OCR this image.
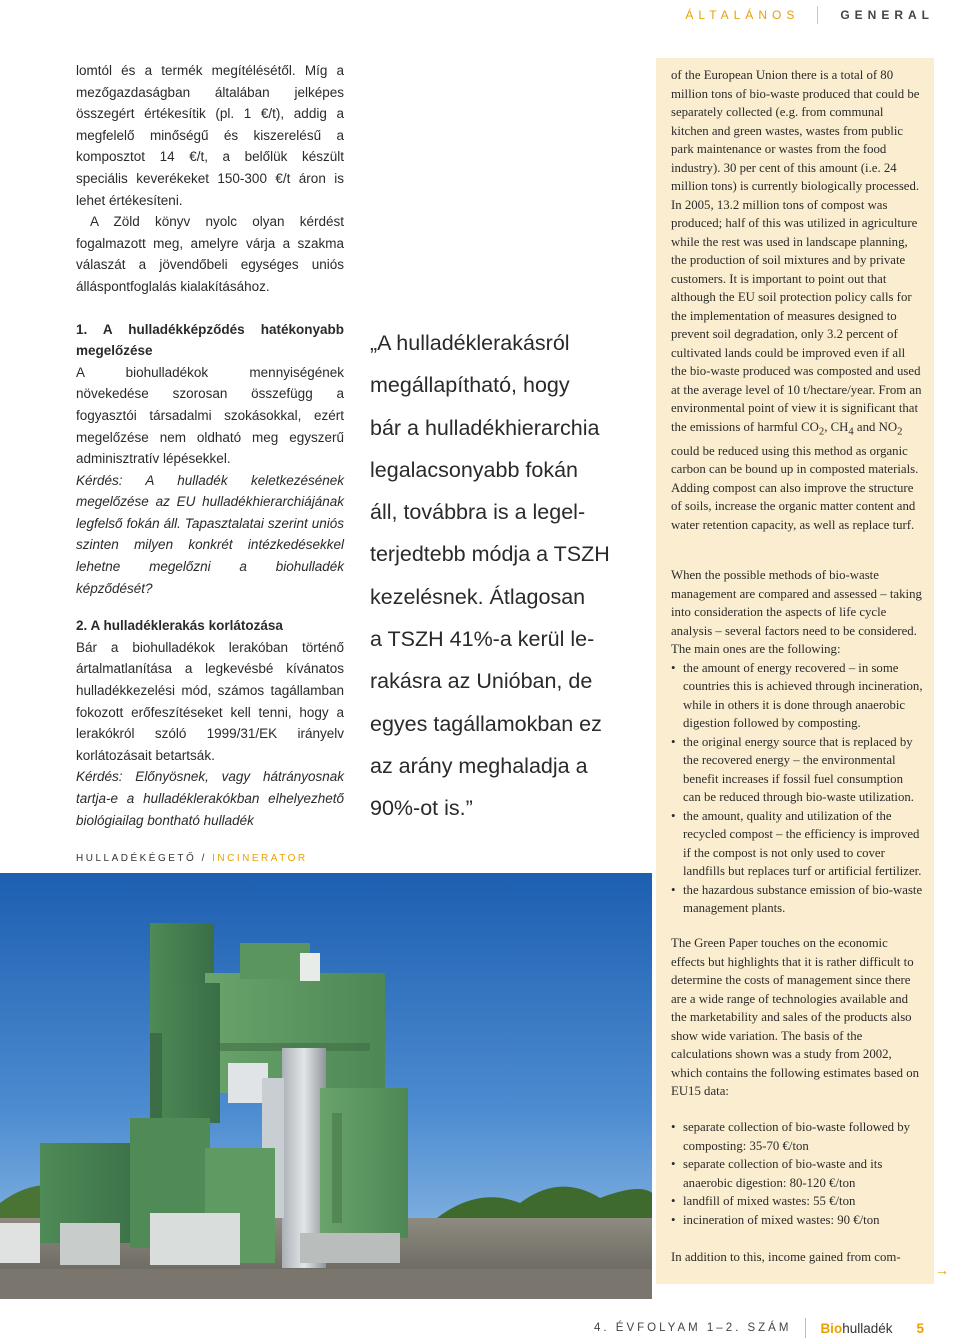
ÁLTALÁNOS	GENERAL

lomtól és a termék megítélésétől. Míg a mezőgazdaságban általában jelképes összegért értékesítik (pl. 1 €/t), addig a megfelelő minőségű és kiszerelésű a komposztot 14 €/t, a belőlük készült speciális keverékeket 150-300 €/t áron is lehet értékesíteni.

A Zöld könyv nyolc olyan kérdést fogalmazott meg, amelyre várja a szakma válaszát a jövendőbeli egységes uniós álláspontfoglalás kialakításához.

1. A hulladékképződés hatékonyabb megelőzése

A biohulladékok mennyiségének növekedése szorosan összefügg a fogyasztói társadalmi szokásokkal, ezért megelőzése nem oldható meg egyszerű adminisztratív lépésekkel.

Kérdés: A hulladék keletkezésének megelőzése az EU hulladékhierarchiájának legfelső fokán áll. Tapasztalatai szerint uniós szinten milyen konkrét intézkedésekkel lehetne megelőzni a biohulladék képződését?

2. A hulladéklerakás korlátozása

Bár a biohulladékok lerakóban történő ártalmatlanítása a legkevésbé kívánatos hulladékkezelési mód, számos tagállamban fokozott erőfeszítéseket kell tenni, hogy a lerakókról szóló 1999/31/EK irányelv korlátozásait betartsák.

Kérdés: Előnyösnek, vagy hátrányosnak tartja-e a hulladéklerakókban elhelyezhető biológiailag bontható hulladék

„A hulladéklerakásról

megállapítható, hogy

bár a hulladékhierarchia

legalacsonyabb fokán

áll, továbbra is a legel-

terjedtebb módja a TSZH

kezelésnek. Átlagosan

a TSZH 41%-a kerül le-

rakásra az Unióban, de

egyes tagállamokban ez

az arány meghaladja a

90%-ot is.”

HULLADÉKÉGETŐ / INCINERATOR

of the European Union there is a total of 80 million tons of bio-waste produced that could be separately collected (e.g. from communal kitchen and green wastes, wastes from public park maintenance or wastes from the food industry). 30 per cent of this amount (i.e. 24 million tons) is currently biologically processed. In 2005, 13.2 million tons of compost was produced; half of this was utilized in agriculture while the rest was used in landscape planning, the production of soil mixtures and by private customers. It is important to point out that although the EU soil protection policy calls for the implementation of measures designed to prevent soil degradation, only 3.2 percent of cultivated lands could be improved even if all the bio-waste produced was composted and used at the average level of 10 t/hectare/year. From an environmental point of view it is significant that the emissions of harmful $CO_2$, $CH_4$ and $NO_2$ could be reduced using this method as organic carbon can be bound up in composted materials. Adding compost can also improve the structure of soils, increase the organic matter content and water retention capacity, as well as replace turf.

When the possible methods of bio-waste management are compared and assessed – taking into consideration the aspects of life cycle analysis – several factors need to be considered. The main ones are the following:

• the amount of energy recovered – in some countries this is achieved through incineration, while in others it is done through anaerobic digestion followed by composting.
• the original energy source that is replaced by the recovered energy – the environmental benefit increases if fossil fuel consumption can be reduced through bio-waste utilization.
• the amount, quality and utilization of the recycled compost – the efficiency is improved if the compost is not only used to cover landfills but replaces turf or artificial fertilizer.
• the hazardous substance emission of bio-waste management plants.

The Green Paper touches on the economic effects but highlights that it is rather difficult to determine the costs of management since there are a wide range of technologies available and the marketability and sales of the products also show wide variation. The basis of the calculations shown was a study from 2002, which contains the following estimates based on EU15 data:

• separate collection of bio-waste followed by composting: 35-70 €/ton
• separate collection of bio-waste and its anaerobic digestion: 80-120 €/ton
• landfill of mixed wastes: 55 €/ton
• incineration of mixed wastes: 90 €/ton

In addition to this, income gained from com-

→
4. ÉVFOLYAM 1–2. SZÁM Bio hulladék 5
